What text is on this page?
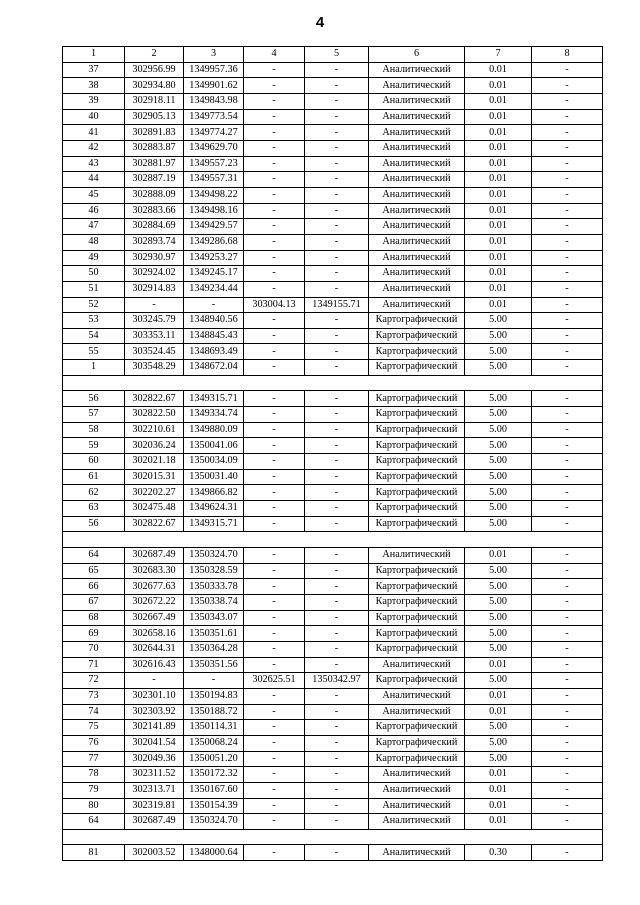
4
1	2	3	4	5	6	7	8
37	302956.99	1349957.36	-	-	Аналитический	0.01	-
38	302934.80	1349901.62	-	-	Аналитический	0.01	-
39	302918.11	1349843.98	-	-	Аналитический	0.01	-
40	302905.13	1349773.54	-	-	Аналитический	0.01	-
41	302891.83	1349774.27	-	-	Аналитический	0.01	-
42	302883.87	1349629.70	-	-	Аналитический	0.01	-
43	302881.97	1349557.23	-	-	Аналитический	0.01	-
44	302887.19	1349557.31	-	-	Аналитический	0.01	-
45	302888.09	1349498.22	-	-	Аналитический	0.01	-
46	302883.66	1349498.16	-	-	Аналитический	0.01	-
47	302884.69	1349429.57	-	-	Аналитический	0.01	-
48	302893.74	1349286.68	-	-	Аналитический	0.01	-
49	302930.97	1349253.27	-	-	Аналитический	0.01	-
50	302924.02	1349245.17	-	-	Аналитический	0.01	-
51	302914.83	1349234.44	-	-	Аналитический	0.01	-
52	-	-	303004.13	1349155.71	Аналитический	0.01	-
53	303245.79	1348940.56	-	-	Картографический	5.00	-
54	303353.11	1348845.43	-	-	Картографический	5.00	-
55	303524.45	1348693.49	-	-	Картографический	5.00	-
1	303548.29	1348672.04	-	-	Картографический	5.00	-

56	302822.67	1349315.71	-	-	Картографический	5.00	-
57	302822.50	1349334.74	-	-	Картографический	5.00	-
58	302210.61	1349880.09	-	-	Картографический	5.00	-
59	302036.24	1350041.06	-	-	Картографический	5.00	-
60	302021.18	1350034.09	-	-	Картографический	5.00	-
61	302015.31	1350031.40	-	-	Картографический	5.00	-
62	302202.27	1349866.82	-	-	Картографический	5.00	-
63	302475.48	1349624.31	-	-	Картографический	5.00	-
56	302822.67	1349315.71	-	-	Картографический	5.00	-

64	302687.49	1350324.70	-	-	Аналитический	0.01	-
65	302683.30	1350328.59	-	-	Картографический	5.00	-
66	302677.63	1350333.78	-	-	Картографический	5.00	-
67	302672.22	1350338.74	-	-	Картографический	5.00	-
68	302667.49	1350343.07	-	-	Картографический	5.00	-
69	302658.16	1350351.61	-	-	Картографический	5.00	-
70	302644.31	1350364.28	-	-	Картографический	5.00	-
71	302616.43	1350351.56	-	-	Аналитический	0.01	-
72	-	-	302625.51	1350342.97	Картографический	5.00	-
73	302301.10	1350194.83	-	-	Аналитический	0.01	-
74	302303.92	1350188.72	-	-	Аналитический	0.01	-
75	302141.89	1350114.31	-	-	Картографический	5.00	-
76	302041.54	1350068.24	-	-	Картографический	5.00	-
77	302049.36	1350051.20	-	-	Картографический	5.00	-
78	302311.52	1350172.32	-	-	Аналитический	0.01	-
79	302313.71	1350167.60	-	-	Аналитический	0.01	-
80	302319.81	1350154.39	-	-	Аналитический	0.01	-
64	302687.49	1350324.70	-	-	Аналитический	0.01	-

81	302003.52	1348000.64	-	-	Аналитический	0.30	-
